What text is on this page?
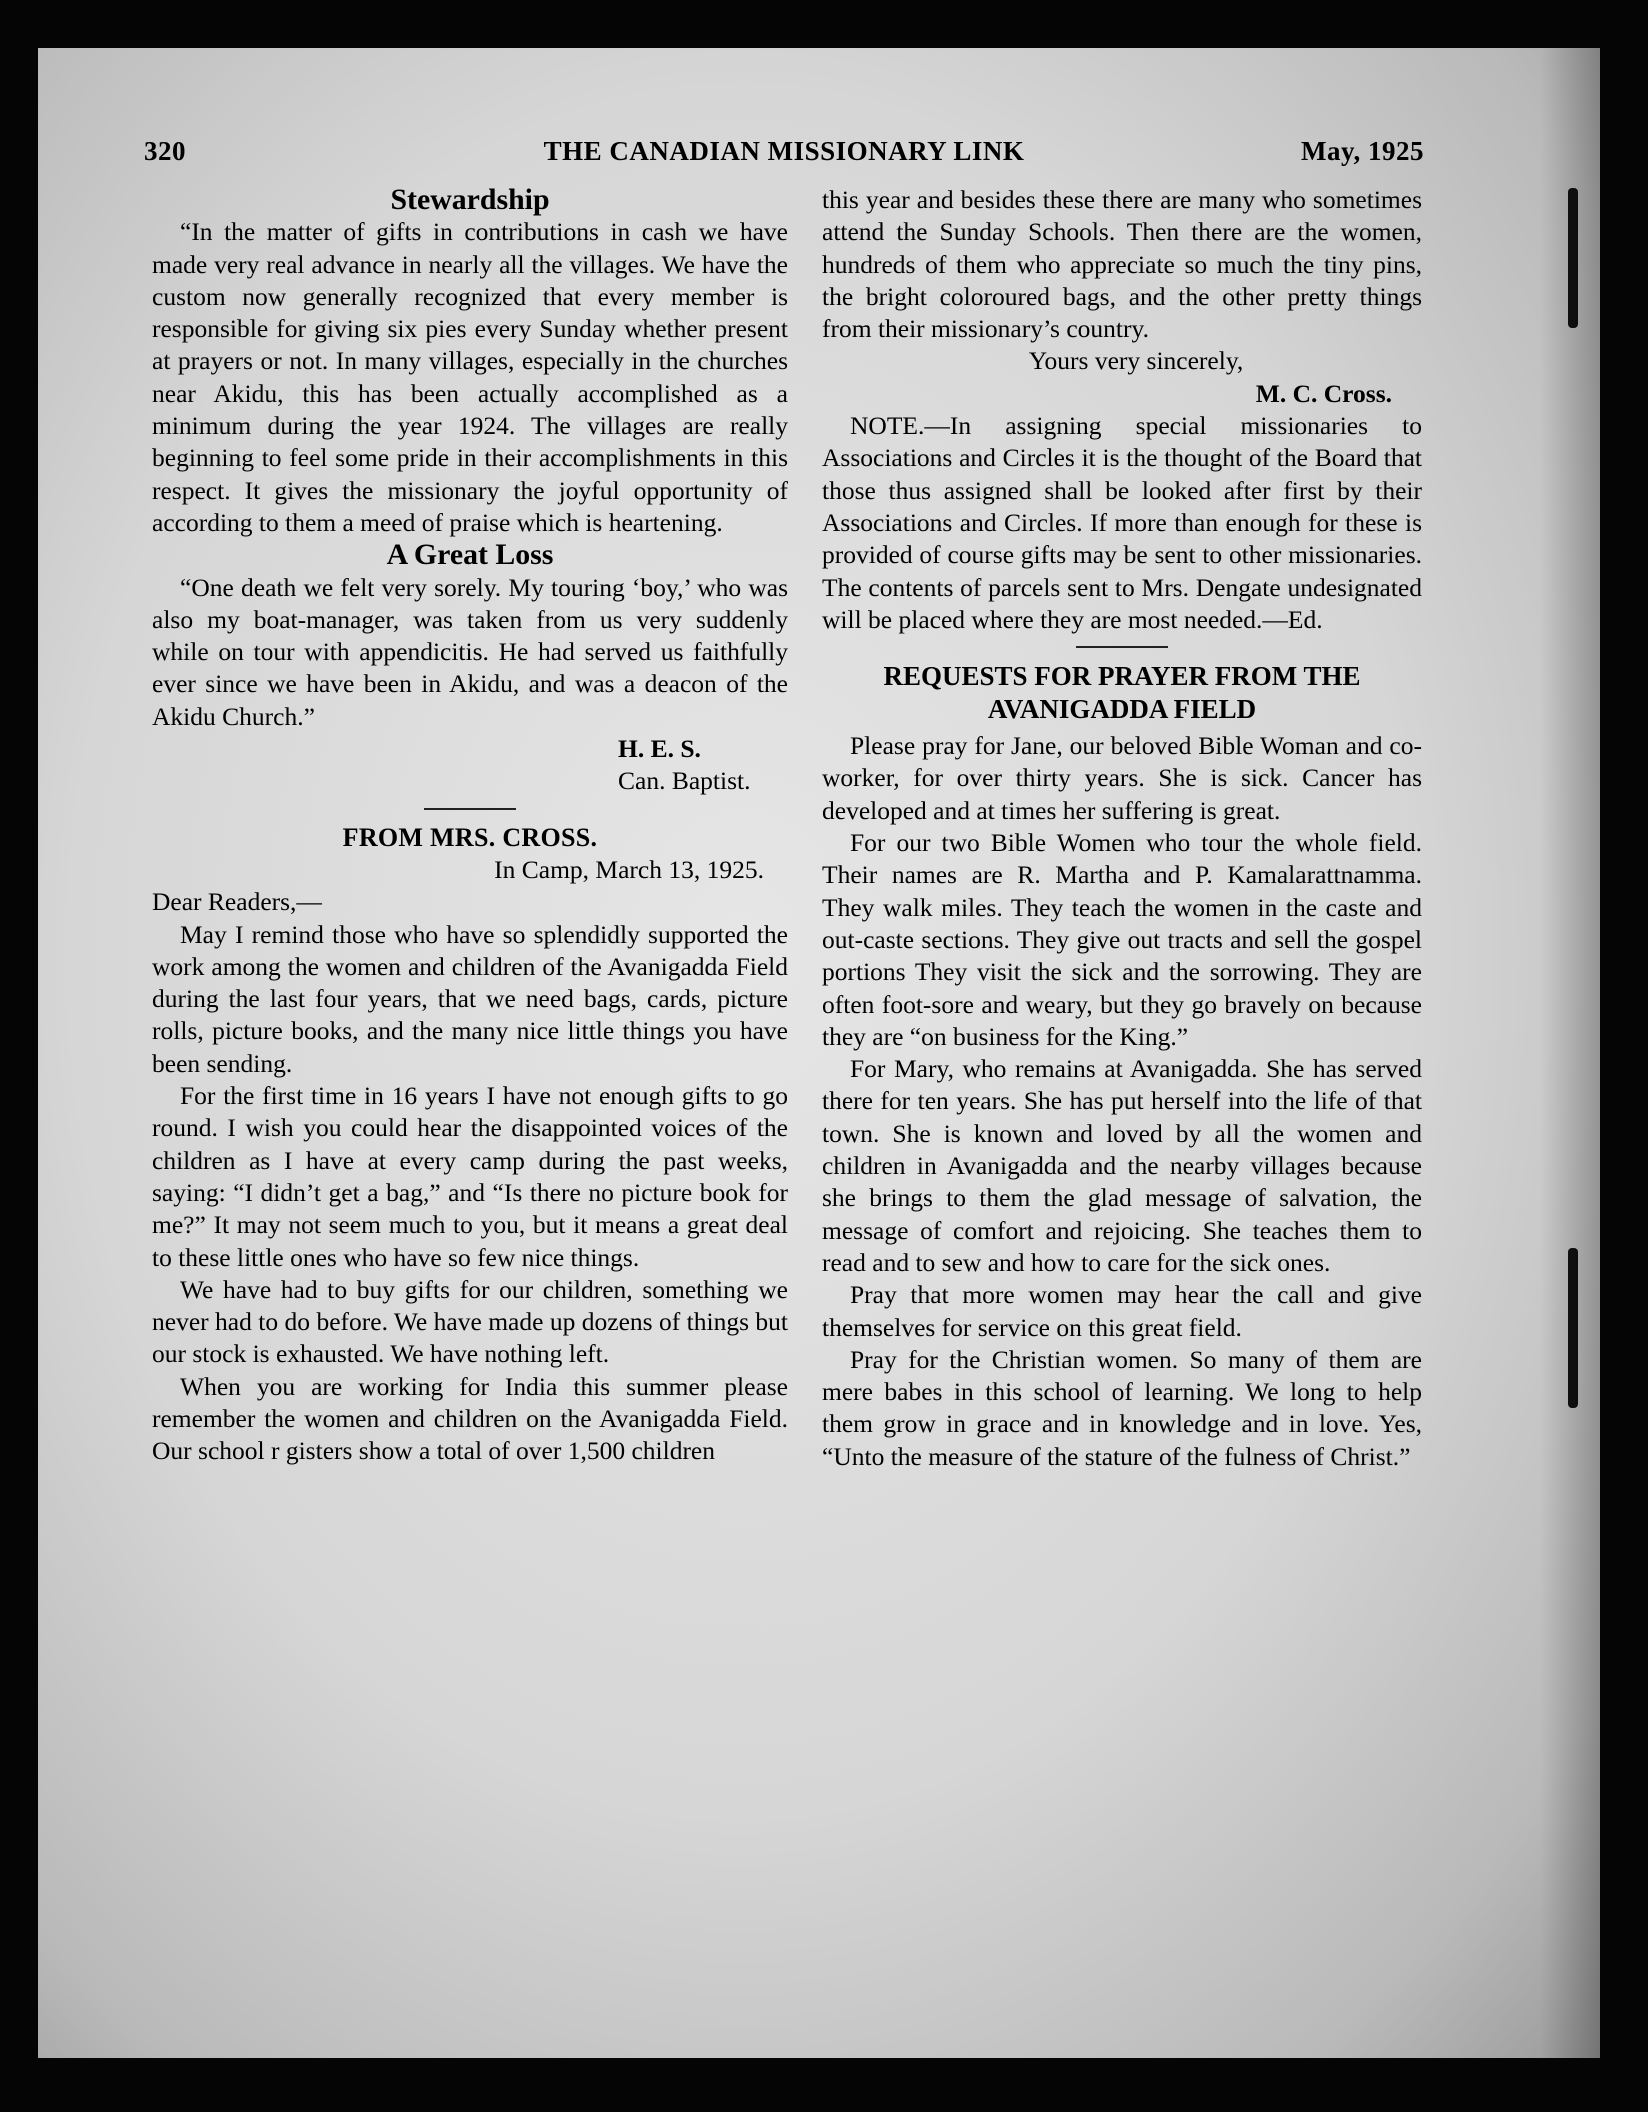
320	THE CANADIAN MISSIONARY LINK	May, 1925
Stewardship

“In the matter of gifts in contributions in cash we have made very real advance in nearly all the villages. We have the custom now generally recognized that every member is responsible for giving six pies every Sunday whether present at prayers or not. In many villages, especially in the churches near Akidu, this has been actually accomplished as a minimum during the year 1924. The villages are really beginning to feel some pride in their accomplishments in this respect. It gives the missionary the joyful opportunity of according to them a meed of praise which is heartening.

A Great Loss

“One death we felt very sorely. My touring ‘boy,’ who was also my boat-manager, was taken from us very suddenly while on tour with appendicitis. He had served us faithfully ever since we have been in Akidu, and was a deacon of the Akidu Church.”

H. E. S.

Can. Baptist.

FROM MRS. CROSS.

In Camp, March 13, 1925.

Dear Readers,—

May I remind those who have so splendidly supported the work among the women and children of the Avanigadda Field during the last four years, that we need bags, cards, picture rolls, picture books, and the many nice little things you have been sending.

For the first time in 16 years I have not enough gifts to go round. I wish you could hear the disappointed voices of the children as I have at every camp during the past weeks, saying: “I didn’t get a bag,” and “Is there no picture book for me?” It may not seem much to you, but it means a great deal to these little ones who have so few nice things.

We have had to buy gifts for our children, something we never had to do before. We have made up dozens of things but our stock is exhausted. We have nothing left.

When you are working for India this summer please remember the women and children on the Avanigadda Field. Our school r gisters show a total of over 1,500 children

this year and besides these there are many who sometimes attend the Sunday Schools. Then there are the women, hundreds of them who appreciate so much the tiny pins, the bright coloroured bags, and the other pretty things from their missionary’s country.

Yours very sincerely,

M. C. Cross.

NOTE.—In assigning special missionaries to Associations and Circles it is the thought of the Board that those thus assigned shall be looked after first by their Associations and Circles. If more than enough for these is provided of course gifts may be sent to other missionaries. The contents of parcels sent to Mrs. Dengate undesignated will be placed where they are most needed.—Ed.

REQUESTS FOR PRAYER FROM THE
AVANIGADDA FIELD

Please pray for Jane, our beloved Bible Woman and co-worker, for over thirty years. She is sick. Cancer has developed and at times her suffering is great.

For our two Bible Women who tour the whole field. Their names are R. Martha and P. Kamalarattnamma. They walk miles. They teach the women in the caste and out-caste sections. They give out tracts and sell the gospel portions They visit the sick and the sorrowing. They are often foot-sore and weary, but they go bravely on because they are “on business for the King.”

For Mary, who remains at Avanigadda. She has served there for ten years. She has put herself into the life of that town. She is known and loved by all the women and children in Avanigadda and the nearby villages because she brings to them the glad message of salvation, the message of comfort and rejoicing. She teaches them to read and to sew and how to care for the sick ones.

Pray that more women may hear the call and give themselves for service on this great field.

Pray for the Christian women. So many of them are mere babes in this school of learning. We long to help them grow in grace and in knowledge and in love. Yes, “Unto the measure of the stature of the fulness of Christ.”
